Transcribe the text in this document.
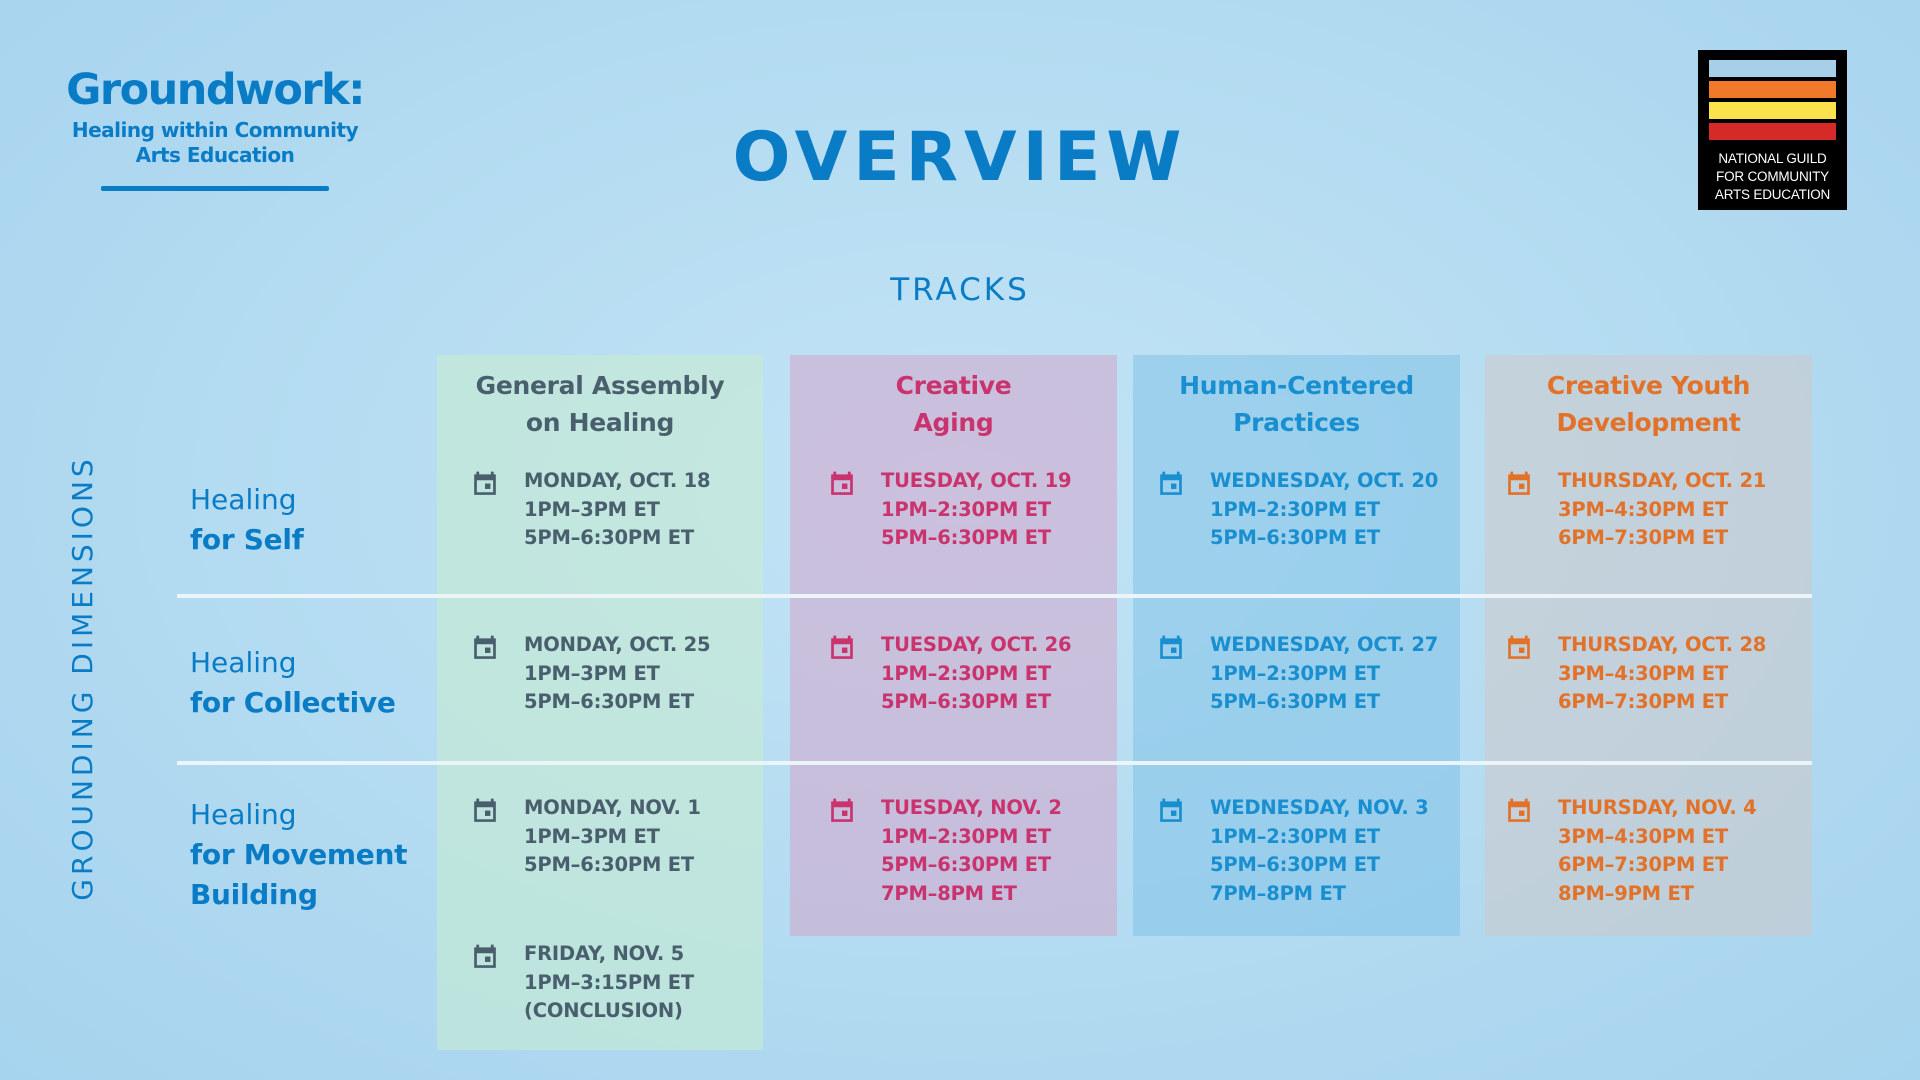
Groundwork:
Healing within Community
Arts Education	OVERVIEW	NATIONAL GUILD
FOR COMMUNITY
ARTS EDUCATION
TRACKS
GROUNDING DIMENSIONS
General Assembly
on Healing
Creative
Aging
Human-Centered
Practices
Creative Youth
Development
Healing
for Self
Healing
for Collective
Healing
for Movement
Building
MONDAY, OCT. 18
1PM–3PM ET
5PM–6:30PM ET
MONDAY, OCT. 25
1PM–3PM ET
5PM–6:30PM ET
MONDAY, NOV. 1
1PM–3PM ET
5PM–6:30PM ET
FRIDAY, NOV. 5
1PM–3:15PM ET
(CONCLUSION)
TUESDAY, OCT. 19
1PM–2:30PM ET
5PM–6:30PM ET
TUESDAY, OCT. 26
1PM–2:30PM ET
5PM–6:30PM ET
TUESDAY, NOV. 2
1PM–2:30PM ET
5PM–6:30PM ET
7PM–8PM ET
WEDNESDAY, OCT. 20
1PM–2:30PM ET
5PM–6:30PM ET
WEDNESDAY, OCT. 27
1PM–2:30PM ET
5PM–6:30PM ET
WEDNESDAY, NOV. 3
1PM–2:30PM ET
5PM–6:30PM ET
7PM–8PM ET
THURSDAY, OCT. 21
3PM–4:30PM ET
6PM–7:30PM ET
THURSDAY, OCT. 28
3PM–4:30PM ET
6PM–7:30PM ET
THURSDAY, NOV. 4
3PM–4:30PM ET
6PM–7:30PM ET
8PM–9PM ET
